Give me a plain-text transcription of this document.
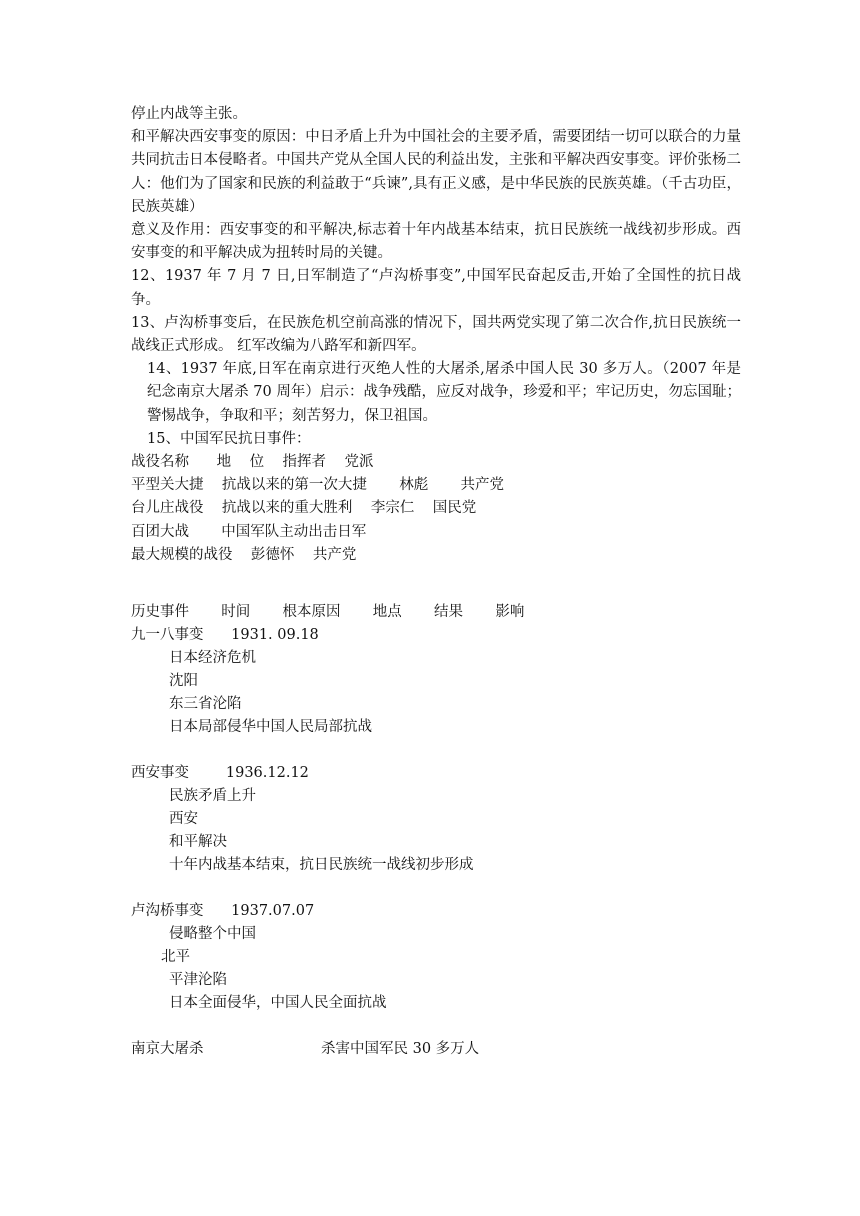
停止内战等主张。

和平解决西安事变的原因：中日矛盾上升为中国社会的主要矛盾，需要团结一切可以联合的力量共同抗击日本侵略者。中国共产党从全国人民的利益出发，主张和平解决西安事变。评价张杨二人：他们为了国家和民族的利益敢于“兵谏”,具有正义感，是中华民族的民族英雄。（千古功臣，民族英雄）

意义及作用：西安事变的和平解决,标志着十年内战基本结束，抗日民族统一战线初步形成。西安事变的和平解决成为扭转时局的关键。

12、1937 年 7 月 7 日,日军制造了“卢沟桥事变”,中国军民奋起反击,开始了全国性的抗日战争。

13、卢沟桥事变后，在民族危机空前高涨的情况下，国共两党实现了第二次合作,抗日民族统一战线正式形成。 红军改编为八路军和新四军。

14、1937 年底,日军在南京进行灭绝人性的大屠杀,屠杀中国人民 30 多万人。（2007 年是纪念南京大屠杀 70 周年）启示：战争残酷，应反对战争，珍爱和平；牢记历史，勿忘国耻；警惕战争，争取和平；刻苦努力，保卫祖国。

15、中国军民抗日事件：

战役名称      地    位    指挥者    党派

平型关大捷    抗战以来的第一次大捷       林彪       共产党

台儿庄战役    抗战以来的重大胜利    李宗仁    国民党

百团大战       中国军队主动出击日军

最大规模的战役    彭德怀    共产党

历史事件       时间       根本原因       地点       结果       影响
九一八事变      1931. 09.18
日本经济危机
沈阳
东三省沦陷
日本局部侵华中国人民局部抗战
西安事变        1936.12.12
民族矛盾上升
西安
和平解决
十年内战基本结束，抗日民族统一战线初步形成
卢沟桥事变      1937.07.07
侵略整个中国
北平
平津沦陷
日本全面侵华，中国人民全面抗战
南京大屠杀	杀害中国军民 30 多万人
